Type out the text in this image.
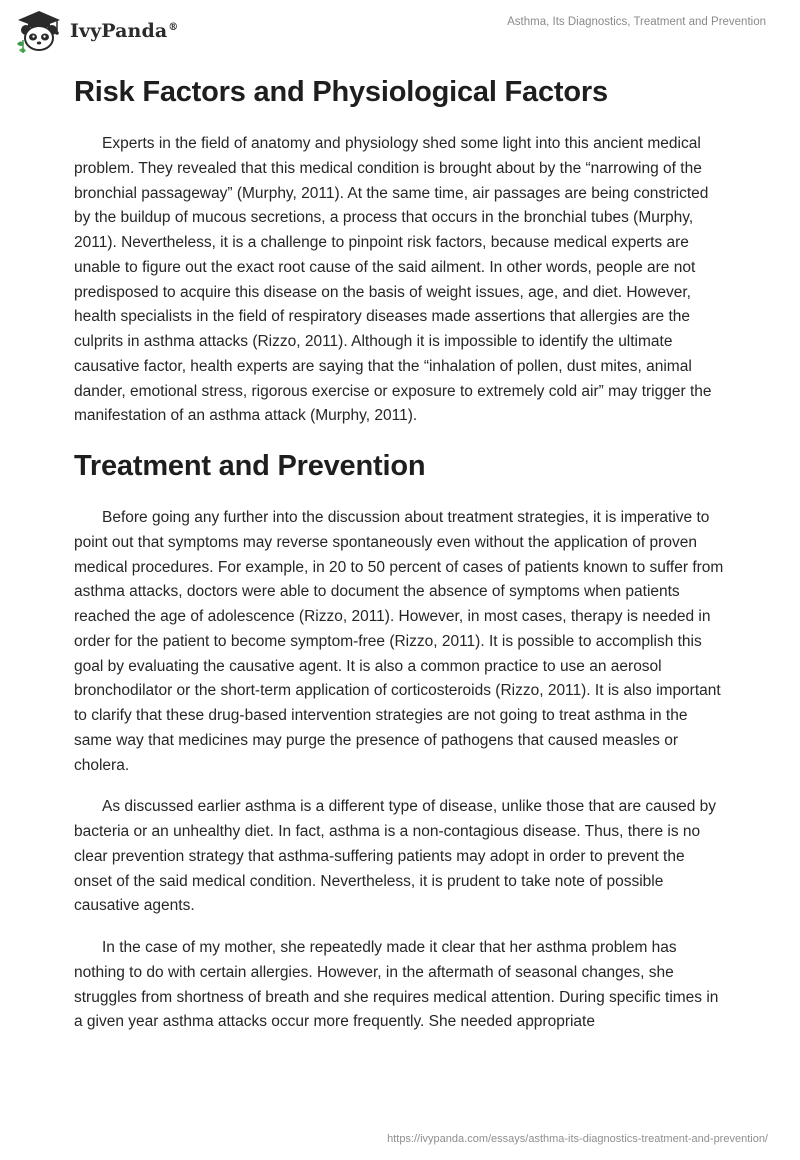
IvyPanda®	Asthma, Its Diagnostics, Treatment and Prevention
Risk Factors and Physiological Factors

Experts in the field of anatomy and physiology shed some light into this ancient medical problem. They revealed that this medical condition is brought about by the “narrowing of the bronchial passageway” (Murphy, 2011). At the same time, air passages are being constricted by the buildup of mucous secretions, a process that occurs in the bronchial tubes (Murphy, 2011). Nevertheless, it is a challenge to pinpoint risk factors, because medical experts are unable to figure out the exact root cause of the said ailment. In other words, people are not predisposed to acquire this disease on the basis of weight issues, age, and diet. However, health specialists in the field of respiratory diseases made assertions that allergies are the culprits in asthma attacks (Rizzo, 2011). Although it is impossible to identify the ultimate causative factor, health experts are saying that the “inhalation of pollen, dust mites, animal dander, emotional stress, rigorous exercise or exposure to extremely cold air” may trigger the manifestation of an asthma attack (Murphy, 2011).

Treatment and Prevention

Before going any further into the discussion about treatment strategies, it is imperative to point out that symptoms may reverse spontaneously even without the application of proven medical procedures. For example, in 20 to 50 percent of cases of patients known to suffer from asthma attacks, doctors were able to document the absence of symptoms when patients reached the age of adolescence (Rizzo, 2011). However, in most cases, therapy is needed in order for the patient to become symptom-free (Rizzo, 2011). It is possible to accomplish this goal by evaluating the causative agent. It is also a common practice to use an aerosol bronchodilator or the short-term application of corticosteroids (Rizzo, 2011). It is also important to clarify that these drug-based intervention strategies are not going to treat asthma in the same way that medicines may purge the presence of pathogens that caused measles or cholera.

As discussed earlier asthma is a different type of disease, unlike those that are caused by bacteria or an unhealthy diet. In fact, asthma is a non-contagious disease. Thus, there is no clear prevention strategy that asthma-suffering patients may adopt in order to prevent the onset of the said medical condition. Nevertheless, it is prudent to take note of possible causative agents.

In the case of my mother, she repeatedly made it clear that her asthma problem has nothing to do with certain allergies. However, in the aftermath of seasonal changes, she struggles from shortness of breath and she requires medical attention. During specific times in a given year asthma attacks occur more frequently. She needed appropriate

https://ivypanda.com/essays/asthma-its-diagnostics-treatment-and-prevention/
